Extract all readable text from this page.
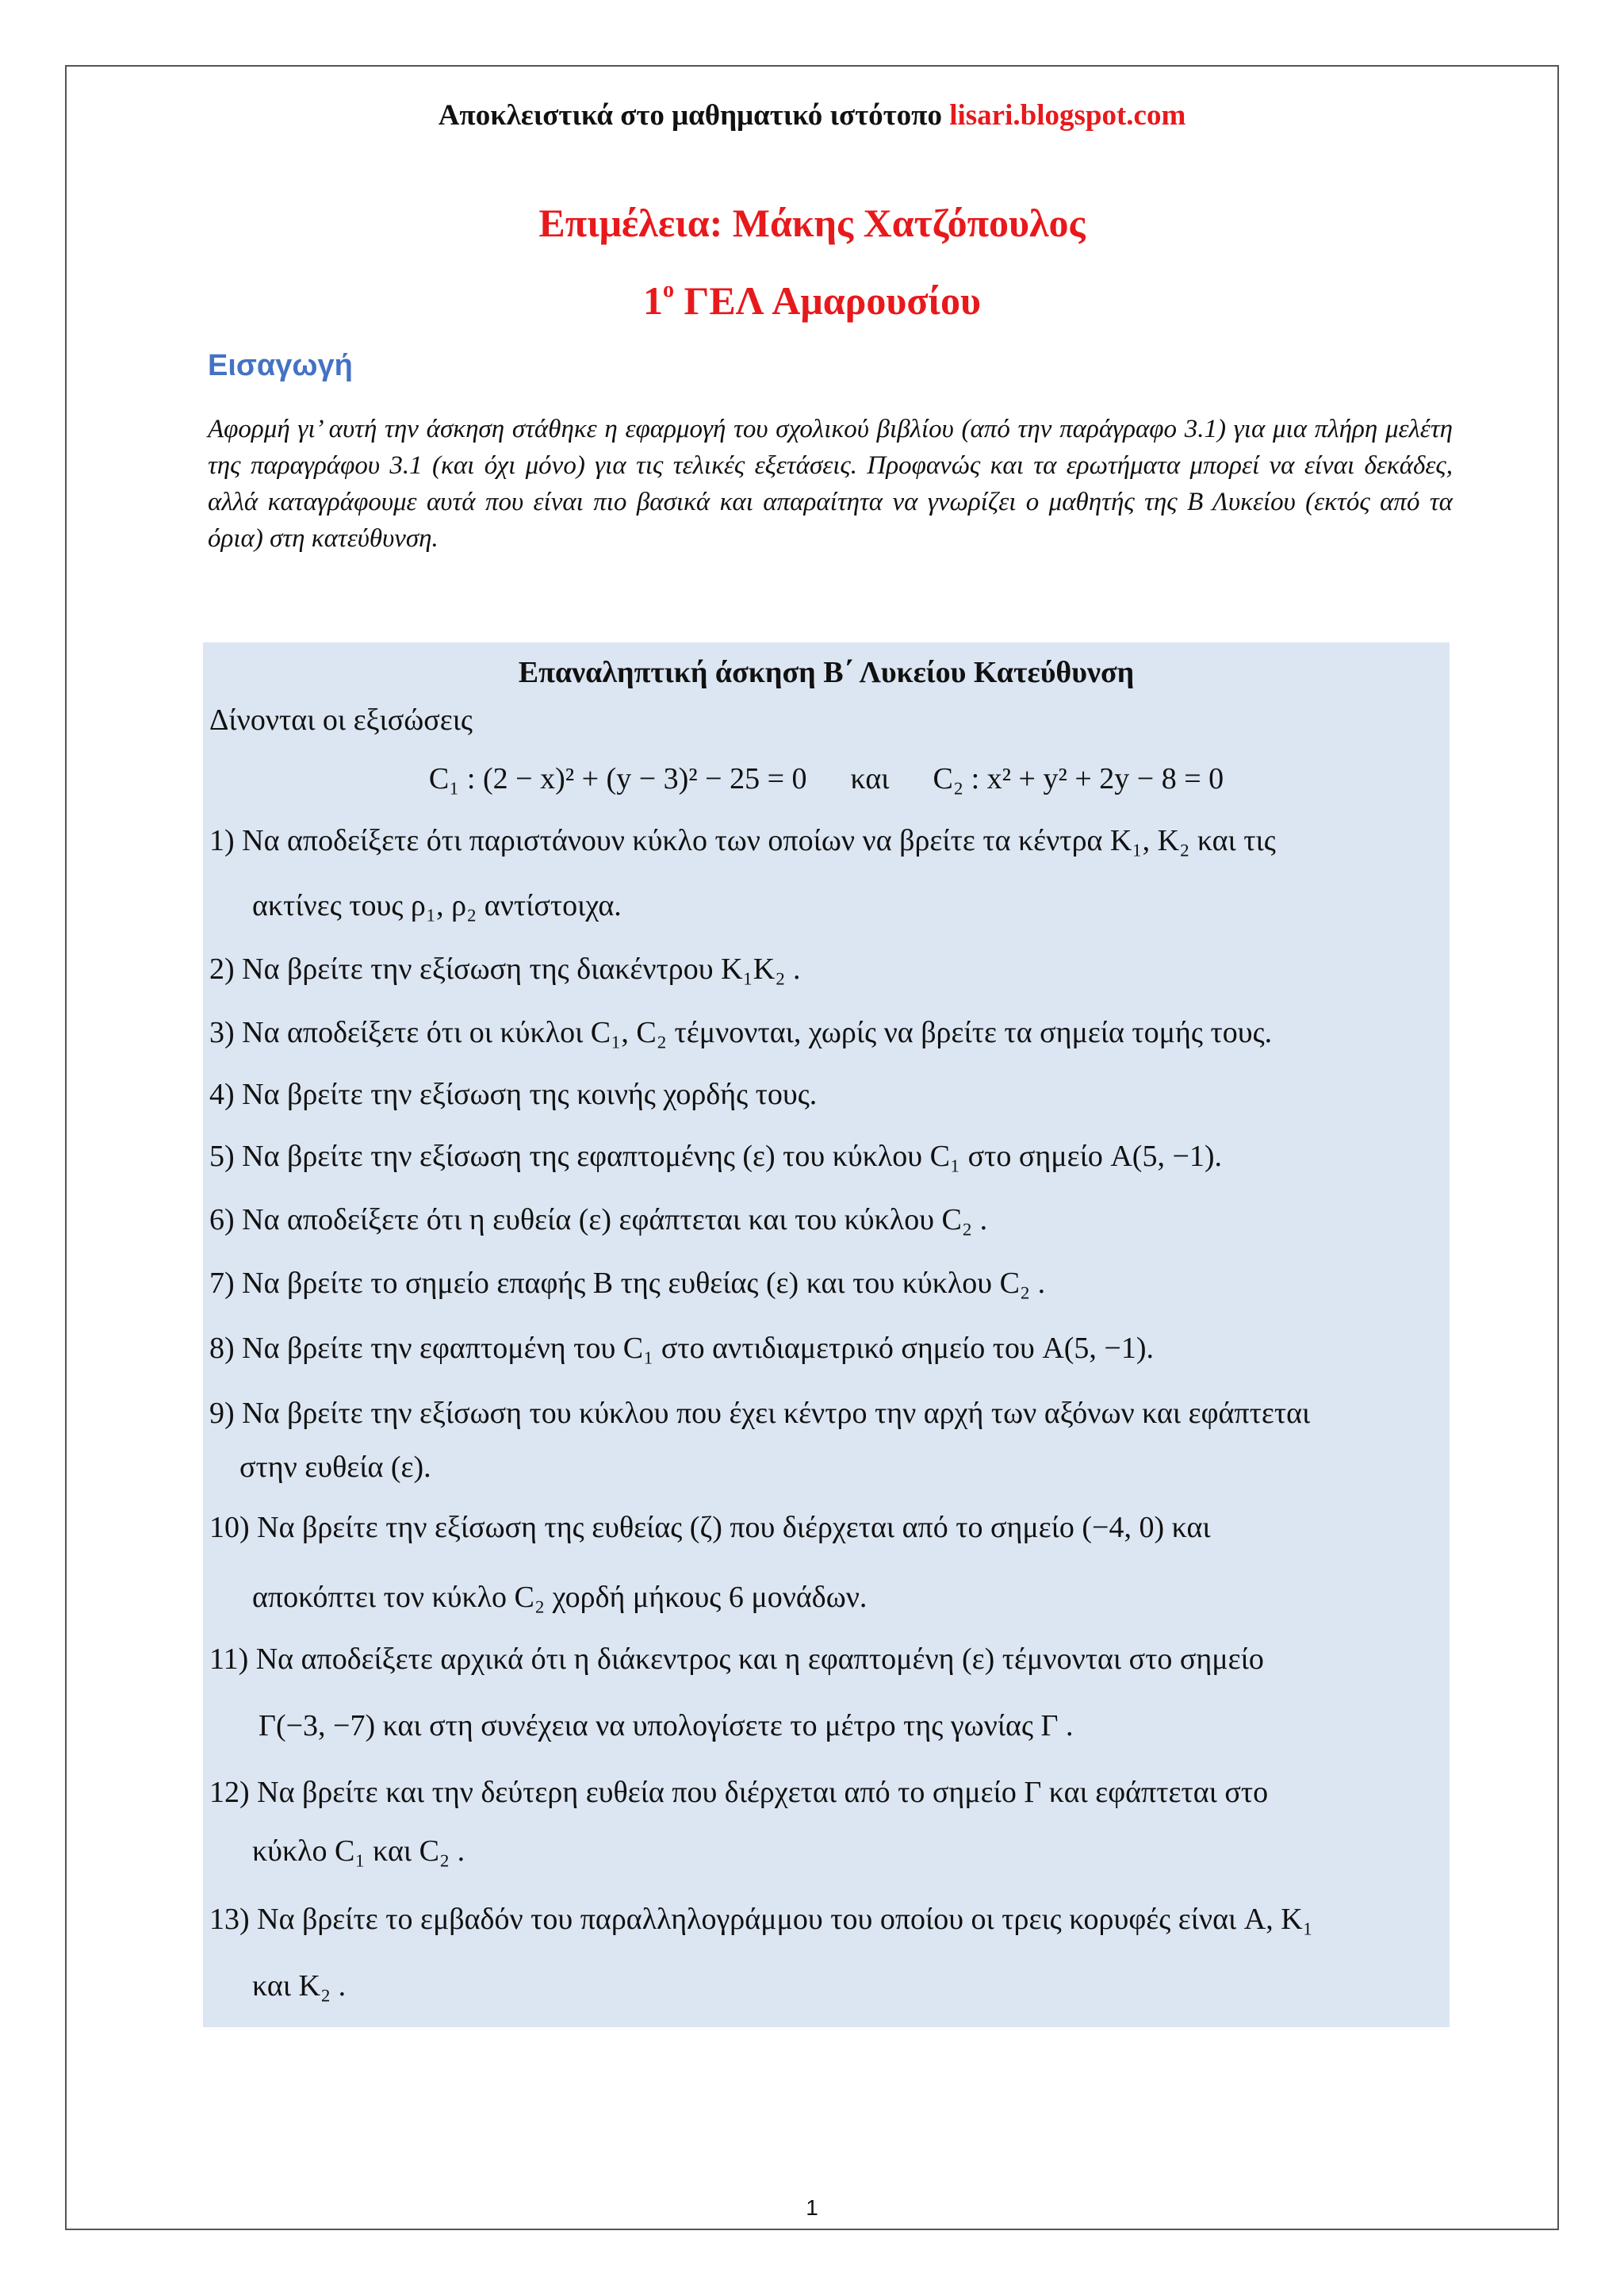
Αποκλειστικά στο μαθηματικό ιστότοπο lisari.blogspot.com
Επιμέλεια: Μάκης Χατζόπουλος
$1^o$ ΓΕΛ Αμαρουσίου
Εισαγωγή
Αφορμή γι’ αυτή την άσκηση στάθηκε η εφαρμογή του σχολικού βιβλίου (από την παράγραφο 3.1) για μια πλήρη μελέτη της παραγράφου 3.1 (και όχι μόνο) για τις τελικές εξετάσεις. Προφανώς και τα ερωτήματα μπορεί να είναι δεκάδες, αλλά καταγράφουμε αυτά που είναι πιο βασικά και απαραίτητα να γνωρίζει ο μαθητής της Β Λυκείου (εκτός από τα όρια) στη κατεύθυνση.
Επαναληπτική άσκηση Β΄ Λυκείου Κατεύθυνση
Δίνονται οι εξισώσεις
C₁ : (2 − x)² + (y − 3)² − 25 = 0 και C₂ : x² + y² + 2y − 8 = 0
1) Να αποδείξετε ότι παριστάνουν κύκλο των οποίων να βρείτε τα κέντρα K₁, K₂ και τις
ακτίνες τους ρ₁, ρ₂ αντίστοιχα.
2) Να βρείτε την εξίσωση της διακέντρου K₁K₂ .
3) Να αποδείξετε ότι οι κύκλοι C₁, C₂ τέμνονται, χωρίς να βρείτε τα σημεία τομής τους.
4) Να βρείτε την εξίσωση της κοινής χορδής τους.
5) Να βρείτε την εξίσωση της εφαπτομένης (ε) του κύκλου C₁ στο σημείο A(5, −1).
6) Να αποδείξετε ότι η ευθεία (ε) εφάπτεται και του κύκλου C₂ .
7) Να βρείτε το σημείο επαφής Β της ευθείας (ε) και του κύκλου C₂ .
8) Να βρείτε την εφαπτομένη του C₁ στο αντιδιαμετρικό σημείο του A(5, −1).
9) Να βρείτε την εξίσωση του κύκλου που έχει κέντρο την αρχή των αξόνων και εφάπτεται
στην ευθεία (ε).
10) Να βρείτε την εξίσωση της ευθείας (ζ) που διέρχεται από το σημείο (−4, 0) και
αποκόπτει τον κύκλο C₂ χορδή μήκους 6 μονάδων.
11) Να αποδείξετε αρχικά ότι η διάκεντρος και η εφαπτομένη (ε) τέμνονται στο σημείο
Γ(−3, −7) και στη συνέχεια να υπολογίσετε το μέτρο της γωνίας Γ .
12) Να βρείτε και την δεύτερη ευθεία που διέρχεται από το σημείο Γ και εφάπτεται στο
κύκλο C₁ και C₂ .
13) Να βρείτε το εμβαδόν του παραλληλογράμμου του οποίου οι τρεις κορυφές είναι A, K₁
και K₂ .
1
